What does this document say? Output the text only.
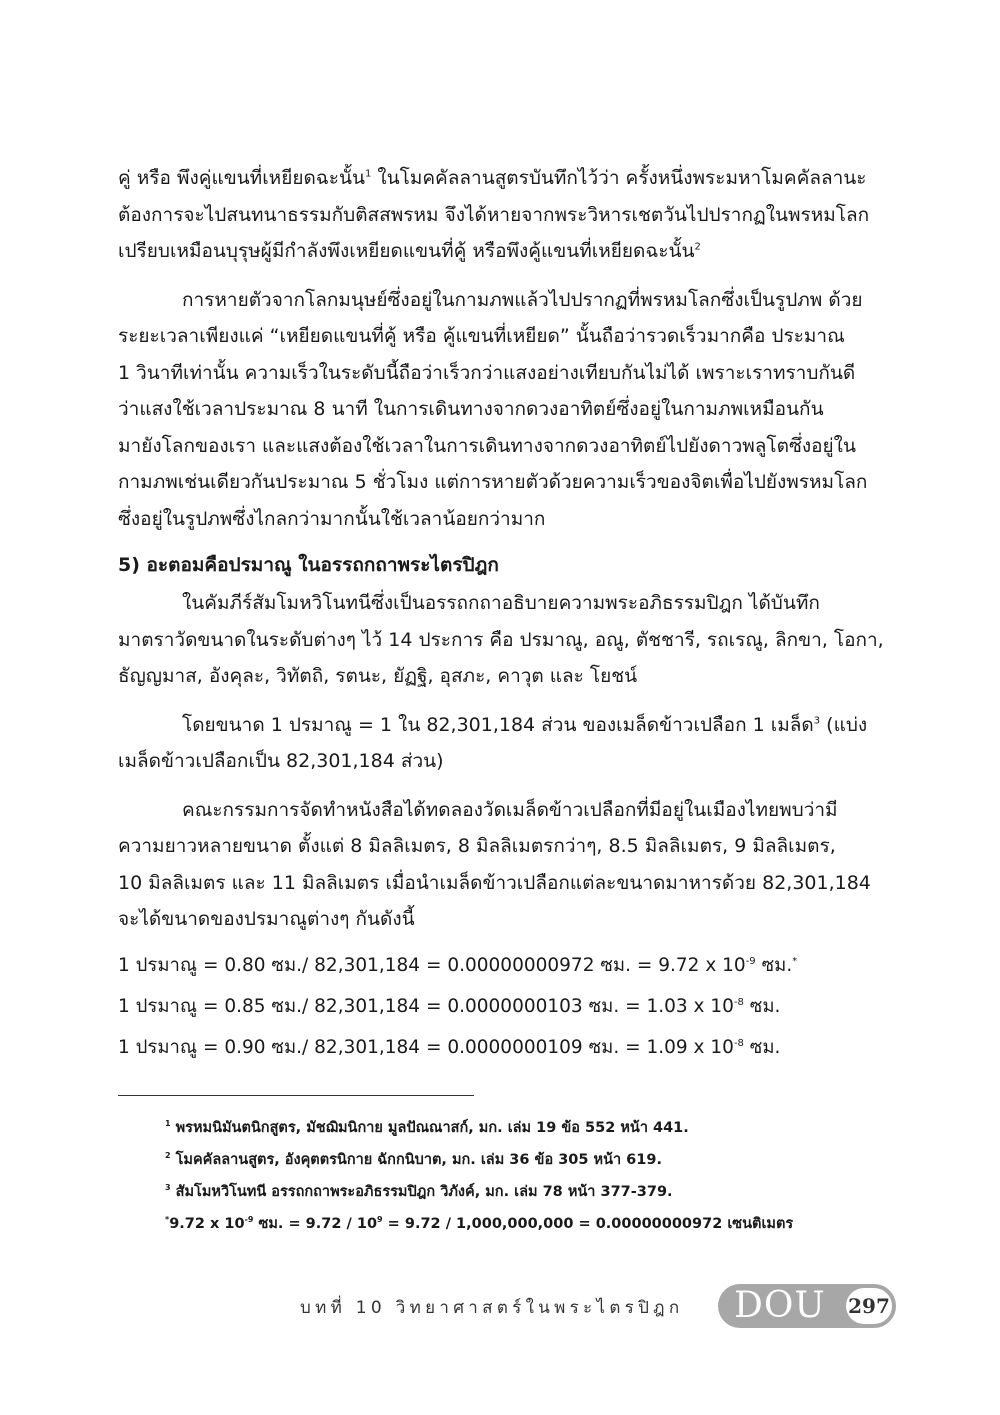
คู่ หรือ พึงคู่แขนที่เหยียดฉะนั้น$^1$ ในโมคคัลลานสูตรบันทึกไว้ว่า ครั้งหนึ่งพระมหาโมคคัลลานะ
ต้องการจะไปสนทนาธรรมกับติสสพรหม จึงได้หายจากพระวิหารเชตวันไปปรากฏในพรหมโลก
เปรียบเหมือนบุรุษผู้มีกำลังพึงเหยียดแขนที่คู้ หรือพึงคู้แขนที่เหยียดฉะนั้น$^2$

การหายตัวจากโลกมนุษย์ซึ่งอยู่ในกามภพแล้วไปปรากฏที่พรหมโลกซึ่งเป็นรูปภพ ด้วย
ระยะเวลาเพียงแค่ “เหยียดแขนที่คู้ หรือ คู้แขนที่เหยียด” นั้นถือว่ารวดเร็วมากคือ ประมาณ
1 วินาทีเท่านั้น ความเร็วในระดับนี้ถือว่าเร็วกว่าแสงอย่างเทียบกันไม่ได้ เพราะเราทราบกันดี
ว่าแสงใช้เวลาประมาณ 8 นาที ในการเดินทางจากดวงอาทิตย์ซึ่งอยู่ในกามภพเหมือนกัน
มายังโลกของเรา และแสงต้องใช้เวลาในการเดินทางจากดวงอาทิตย์ไปยังดาวพลูโตซึ่งอยู่ใน
กามภพเช่นเดียวกันประมาณ 5 ชั่วโมง แต่การหายตัวด้วยความเร็วของจิตเพื่อไปยังพรหมโลก
ซึ่งอยู่ในรูปภพซึ่งไกลกว่ามากนั้นใช้เวลาน้อยกว่ามาก

5) อะตอมคือปรมาณู ในอรรถกถาพระไตรปิฎก

ในคัมภีร์สัมโมหวิโนทนีซึ่งเป็นอรรถกถาอธิบายความพระอภิธรรมปิฎก ได้บันทึก
มาตราวัดขนาดในระดับต่างๆ ไว้ 14 ประการ คือ ปรมาณู, อณู, ตัชชารี, รถเรณู, ลิกขา, โอกา,
ธัญญมาส, อังคุละ, วิทัตถิ, รตนะ, ยัฏฐิ, อุสภะ, คาวุต และ โยชน์

โดยขนาด 1 ปรมาณู = 1 ใน 82,301,184 ส่วน ของเมล็ดข้าวเปลือก 1 เมล็ด$^3$ (แบ่ง
เมล็ดข้าวเปลือกเป็น 82,301,184 ส่วน)

คณะกรรมการจัดทำหนังสือได้ทดลองวัดเมล็ดข้าวเปลือกที่มีอยู่ในเมืองไทยพบว่ามี
ความยาวหลายขนาด ตั้งแต่ 8 มิลลิเมตร, 8 มิลลิเมตรกว่าๆ, 8.5 มิลลิเมตร, 9 มิลลิเมตร,
10 มิลลิเมตร และ 11 มิลลิเมตร เมื่อนำเมล็ดข้าวเปลือกแต่ละขนาดมาหารด้วย 82,301,184
จะได้ขนาดของปรมาณูต่างๆ กันดังนี้

1 ปรมาณู = 0.80 ซม./ 82,301,184 = 0.00000000972 ซม. = 9.72 x $10^{-9}$ ซม.*

1 ปรมาณู = 0.85 ซม./ 82,301,184 = 0.0000000103 ซม. = 1.03 x $10^{-8}$ ซม.

1 ปรมาณู = 0.90 ซม./ 82,301,184 = 0.0000000109 ซม. = 1.09 x $10^{-8}$ ซม.

$^1$ พรหมนิมันตนิกสูตร, มัชฌิมนิกาย มูลปัณณาสก์, มก. เล่ม 19 ข้อ 552 หน้า 441.

$^2$ โมคคัลลานสูตร, อังคุตตรนิกาย ฉักกนิบาต, มก. เล่ม 36 ข้อ 305 หน้า 619.

$^3$ สัมโมหวิโนทนี อรรถกถาพระอภิธรรมปิฎก วิภังค์, มก. เล่ม 78 หน้า 377-379.

*9.72 x $10^{-9}$ ซม. = $9.72 / 10^9 = 9.72 / 1,000,000,000 = 0.00000000972$ เซนติเมตร

บทที่ 10 วิทยาศาสตร์ในพระไตรปิฎก DOU 297
